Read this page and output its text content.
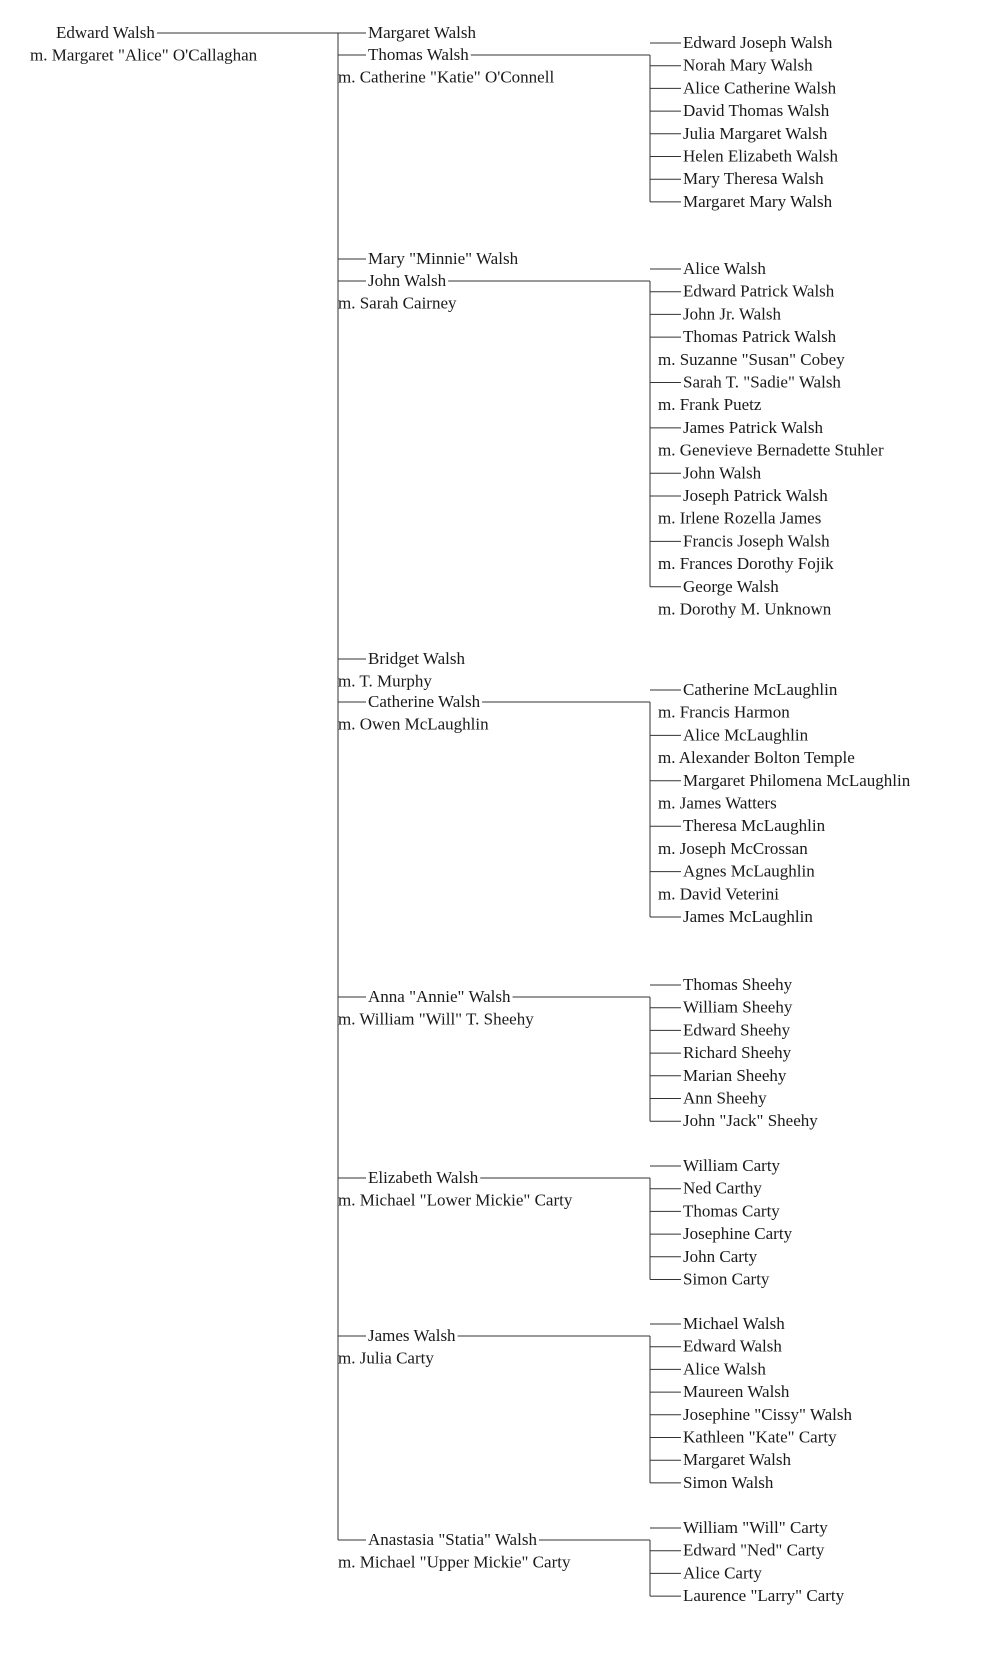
Edward Walsh
m. Margaret "Alice" O'Callaghan
Margaret Walsh
Thomas Walsh
m. Catherine "Katie" O'Connell
Edward Joseph Walsh
Norah Mary Walsh
Alice Catherine Walsh
David Thomas Walsh
Julia Margaret Walsh
Helen Elizabeth Walsh
Mary Theresa Walsh
Margaret Mary Walsh
Mary "Minnie" Walsh
John Walsh
m. Sarah Cairney
Alice Walsh
Edward Patrick Walsh
John Jr. Walsh
Thomas Patrick Walsh
m. Suzanne "Susan" Cobey
Sarah T. "Sadie" Walsh
m. Frank Puetz
James Patrick Walsh
m. Genevieve Bernadette Stuhler
John Walsh
Joseph Patrick Walsh
m. Irlene Rozella James
Francis Joseph Walsh
m. Frances Dorothy Fojik
George Walsh
m. Dorothy M. Unknown
Bridget Walsh
m. T. Murphy
Catherine Walsh
m. Owen McLaughlin
Catherine McLaughlin
m. Francis Harmon
Alice McLaughlin
m. Alexander Bolton Temple
Margaret Philomena McLaughlin
m. James Watters
Theresa McLaughlin
m. Joseph McCrossan
Agnes McLaughlin
m. David Veterini
James McLaughlin
Anna "Annie" Walsh
m. William "Will" T. Sheehy
Thomas Sheehy
William Sheehy
Edward Sheehy
Richard Sheehy
Marian Sheehy
Ann Sheehy
John "Jack" Sheehy
Elizabeth Walsh
m. Michael "Lower Mickie" Carty
William Carty
Ned Carthy
Thomas Carty
Josephine Carty
John Carty
Simon Carty
James Walsh
m. Julia Carty
Michael Walsh
Edward Walsh
Alice Walsh
Maureen Walsh
Josephine "Cissy" Walsh
Kathleen "Kate" Carty
Margaret Walsh
Simon Walsh
Anastasia "Statia" Walsh
m. Michael "Upper Mickie" Carty
William "Will" Carty
Edward "Ned" Carty
Alice Carty
Laurence "Larry" Carty
